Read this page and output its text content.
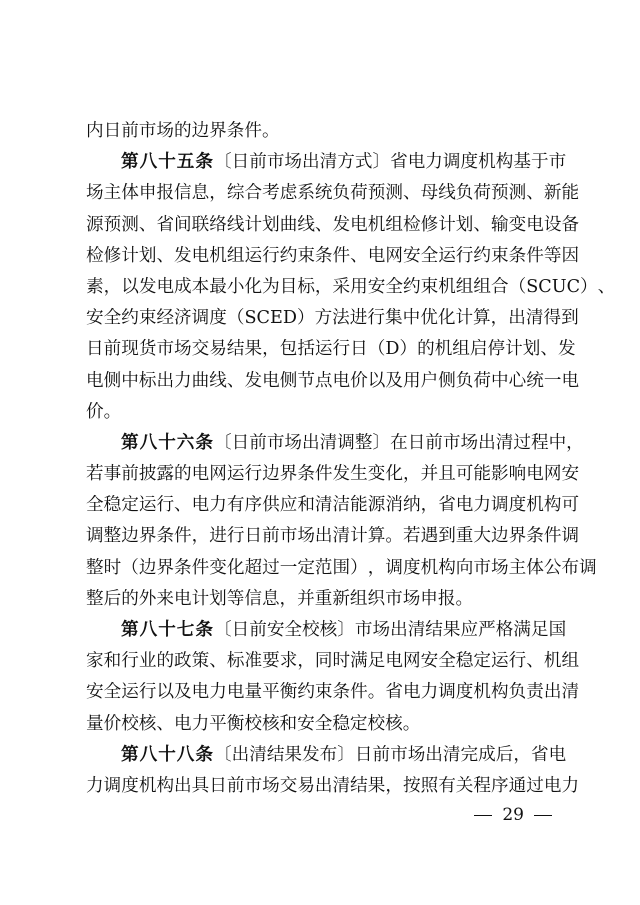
内日前市场的边界条件。
第八十五条 〔 日 前 市 场 出 清 方 式 〕 省 电 力 调 度 机 构 基 于 市
场 主 体 申 报 信 息 ， 综 合 考 虑 系 统 负 荷 预 测 、 母 线 负 荷 预 测 、 新 能
源 预 测 、 省 间 联 络 线 计 划 曲 线 、 发 电 机 组 检 修 计 划 、 输 变 电 设 备
检 修 计 划 、 发 电 机 组 运 行 约 束 条 件 、 电 网 安 全 运 行 约 束 条 件 等 因
素 ， 以 发 电 成 本 最 小 化 为 目 标 ， 采 用 安 全 约 束 机 组 组 合 （ SCUC ） 、
安 全 约 束 经 济 调 度 （ SCED ） 方 法 进 行 集 中 优 化 计 算 ， 出 清 得 到
日 前 现 货 市 场 交 易 结 果 ， 包 括 运 行 日 （ D ） 的 机 组 启 停 计 划 、 发
电 侧 中 标 出 力 曲 线 、 发 电 侧 节 点 电 价 以 及 用 户 侧 负 荷 中 心 统 一 电
价。
第八十六条 〔 日 前 市 场 出 清 调 整 〕 在 日 前 市 场 出 清 过 程 中 ，
若 事 前 披 露 的 电 网 运 行 边 界 条 件 发 生 变 化 ， 并 且 可 能 影 响 电 网 安
全 稳 定 运 行 、 电 力 有 序 供 应 和 清 洁 能 源 消 纳 ， 省 电 力 调 度 机 构 可
调 整 边 界 条 件 ， 进 行 日 前 市 场 出 清 计 算 。 若 遇 到 重 大 边 界 条 件 调
整 时 （ 边 界 条 件 变 化 超 过 一 定 范 围 ） ， 调 度 机 构 向 市 场 主 体 公 布 调
整后的外来电计划等信息，并重新组织市场申报。
第八十七条 〔 日 前 安 全 校 核 〕 市 场 出 清 结 果 应 严 格 满 足 国
家 和 行 业 的 政 策 、 标 准 要 求 ， 同 时 满 足 电 网 安 全 稳 定 运 行 、 机 组
安 全 运 行 以 及 电 力 电 量 平 衡 约 束 条 件 。 省 电 力 调 度 机 构 负 责 出 清
量价校核、电力平衡校核和安全稳定校核。
第八十八条 〔 出 清 结 果 发 布 〕 日 前 市 场 出 清 完 成 后 ， 省 电
力 调 度 机 构 出 具 日 前 市 场 交 易 出 清 结 果 ， 按 照 有 关 程 序 通 过 电 力
29
